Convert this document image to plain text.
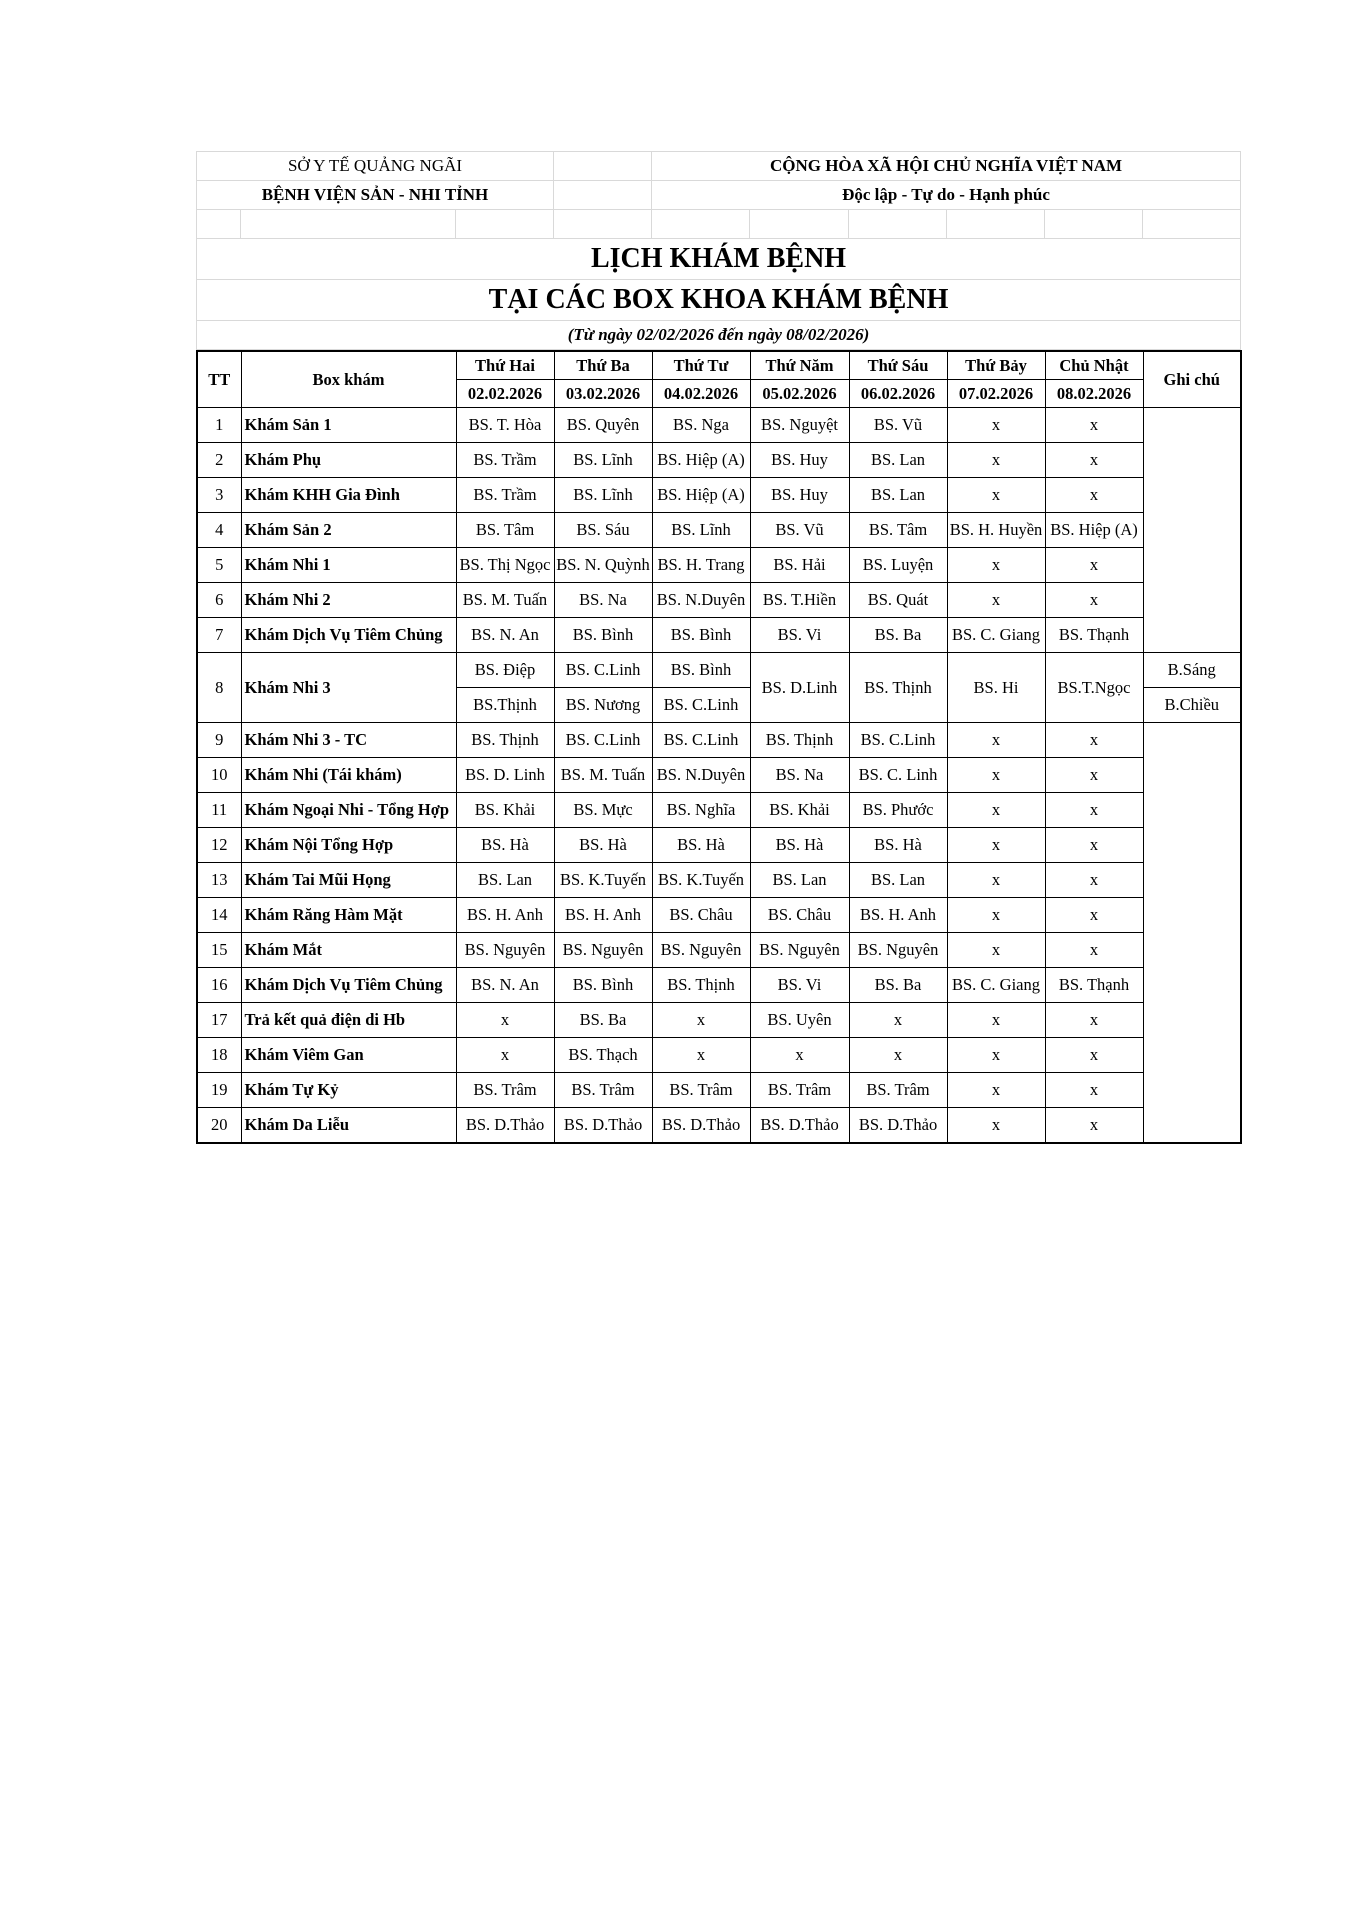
SỞ Y TẾ QUẢNG NGÃI				CỘNG HÒA XÃ HỘI CHỦ NGHĨA VIỆT NAM					
BỆNH VIỆN SẢN - NHI TỈNH				Độc lập - Tự do - Hạnh phúc					

LỊCH KHÁM BỆNH									
TẠI CÁC BOX KHOA KHÁM BỆNH									
(Từ ngày 02/02/2026 đến ngày 08/02/2026)									
TT	Box khám	Thứ Hai	Thứ Ba	Thứ Tư	Thứ Năm	Thứ Sáu	Thứ Bảy	Chủ Nhật	Ghi chú
		02.02.2026	03.02.2026	04.02.2026	05.02.2026	06.02.2026	07.02.2026	08.02.2026	
1	Khám Sản 1	BS. T. Hòa	BS. Quyên	BS. Nga	BS. Nguyệt	BS. Vũ	x	x	
2	Khám Phụ	BS. Trầm	BS. Lĩnh	BS. Hiệp (A)	BS. Huy	BS. Lan	x	x	
3	Khám KHH Gia Đình	BS. Trầm	BS. Lĩnh	BS. Hiệp (A)	BS. Huy	BS. Lan	x	x	
4	Khám Sản 2	BS. Tâm	BS. Sáu	BS. Lĩnh	BS. Vũ	BS. Tâm	BS. H. Huyền	BS. Hiệp (A)	
5	Khám Nhi 1	BS. Thị Ngọc	BS. N. Quỳnh	BS. H. Trang	BS. Hải	BS. Luyện	x	x	
6	Khám Nhi 2	BS. M. Tuấn	BS. Na	BS. N.Duyên	BS. T.Hiền	BS. Quát	x	x	
7	Khám Dịch Vụ Tiêm Chủng	BS. N. An	BS. Bình	BS. Bình	BS. Vi	BS. Ba	BS. C. Giang	BS. Thạnh	
8	Khám Nhi 3	BS. Điệp	BS. C.Linh	BS. Bình	BS. D.Linh	BS. Thịnh	BS. Hi	BS.T.Ngọc	B.Sáng
		BS.Thịnh	BS. Nương	BS. C.Linh					B.Chiều
9	Khám Nhi 3 - TC	BS. Thịnh	BS. C.Linh	BS. C.Linh	BS. Thịnh	BS. C.Linh	x	x	
10	Khám Nhi (Tái khám)	BS. D. Linh	BS. M. Tuấn	BS. N.Duyên	BS. Na	BS. C. Linh	x	x	
11	Khám Ngoại Nhi - Tổng Hợp	BS. Khải	BS. Mực	BS. Nghĩa	BS. Khải	BS. Phước	x	x	
12	Khám Nội Tổng Hợp	BS. Hà	BS. Hà	BS. Hà	BS. Hà	BS. Hà	x	x	
13	Khám Tai Mũi Họng	BS. Lan	BS. K.Tuyến	BS. K.Tuyến	BS. Lan	BS. Lan	x	x	
14	Khám Răng Hàm Mặt	BS. H. Anh	BS. H. Anh	BS. Châu	BS. Châu	BS. H. Anh	x	x	
15	Khám Mắt	BS. Nguyên	BS. Nguyên	BS. Nguyên	BS. Nguyên	BS. Nguyên	x	x	
16	Khám Dịch Vụ Tiêm Chủng	BS. N. An	BS. Bình	BS. Thịnh	BS. Vi	BS. Ba	BS. C. Giang	BS. Thạnh	
17	Trả kết quả điện di Hb	x	BS. Ba	x	BS. Uyên	x	x	x	
18	Khám Viêm Gan	x	BS. Thạch	x	x	x	x	x	
19	Khám Tự Kỷ	BS. Trâm	BS. Trâm	BS. Trâm	BS. Trâm	BS. Trâm	x	x	
20	Khám Da Liễu	BS. D.Thảo	BS. D.Thảo	BS. D.Thảo	BS. D.Thảo	BS. D.Thảo	x	x	
